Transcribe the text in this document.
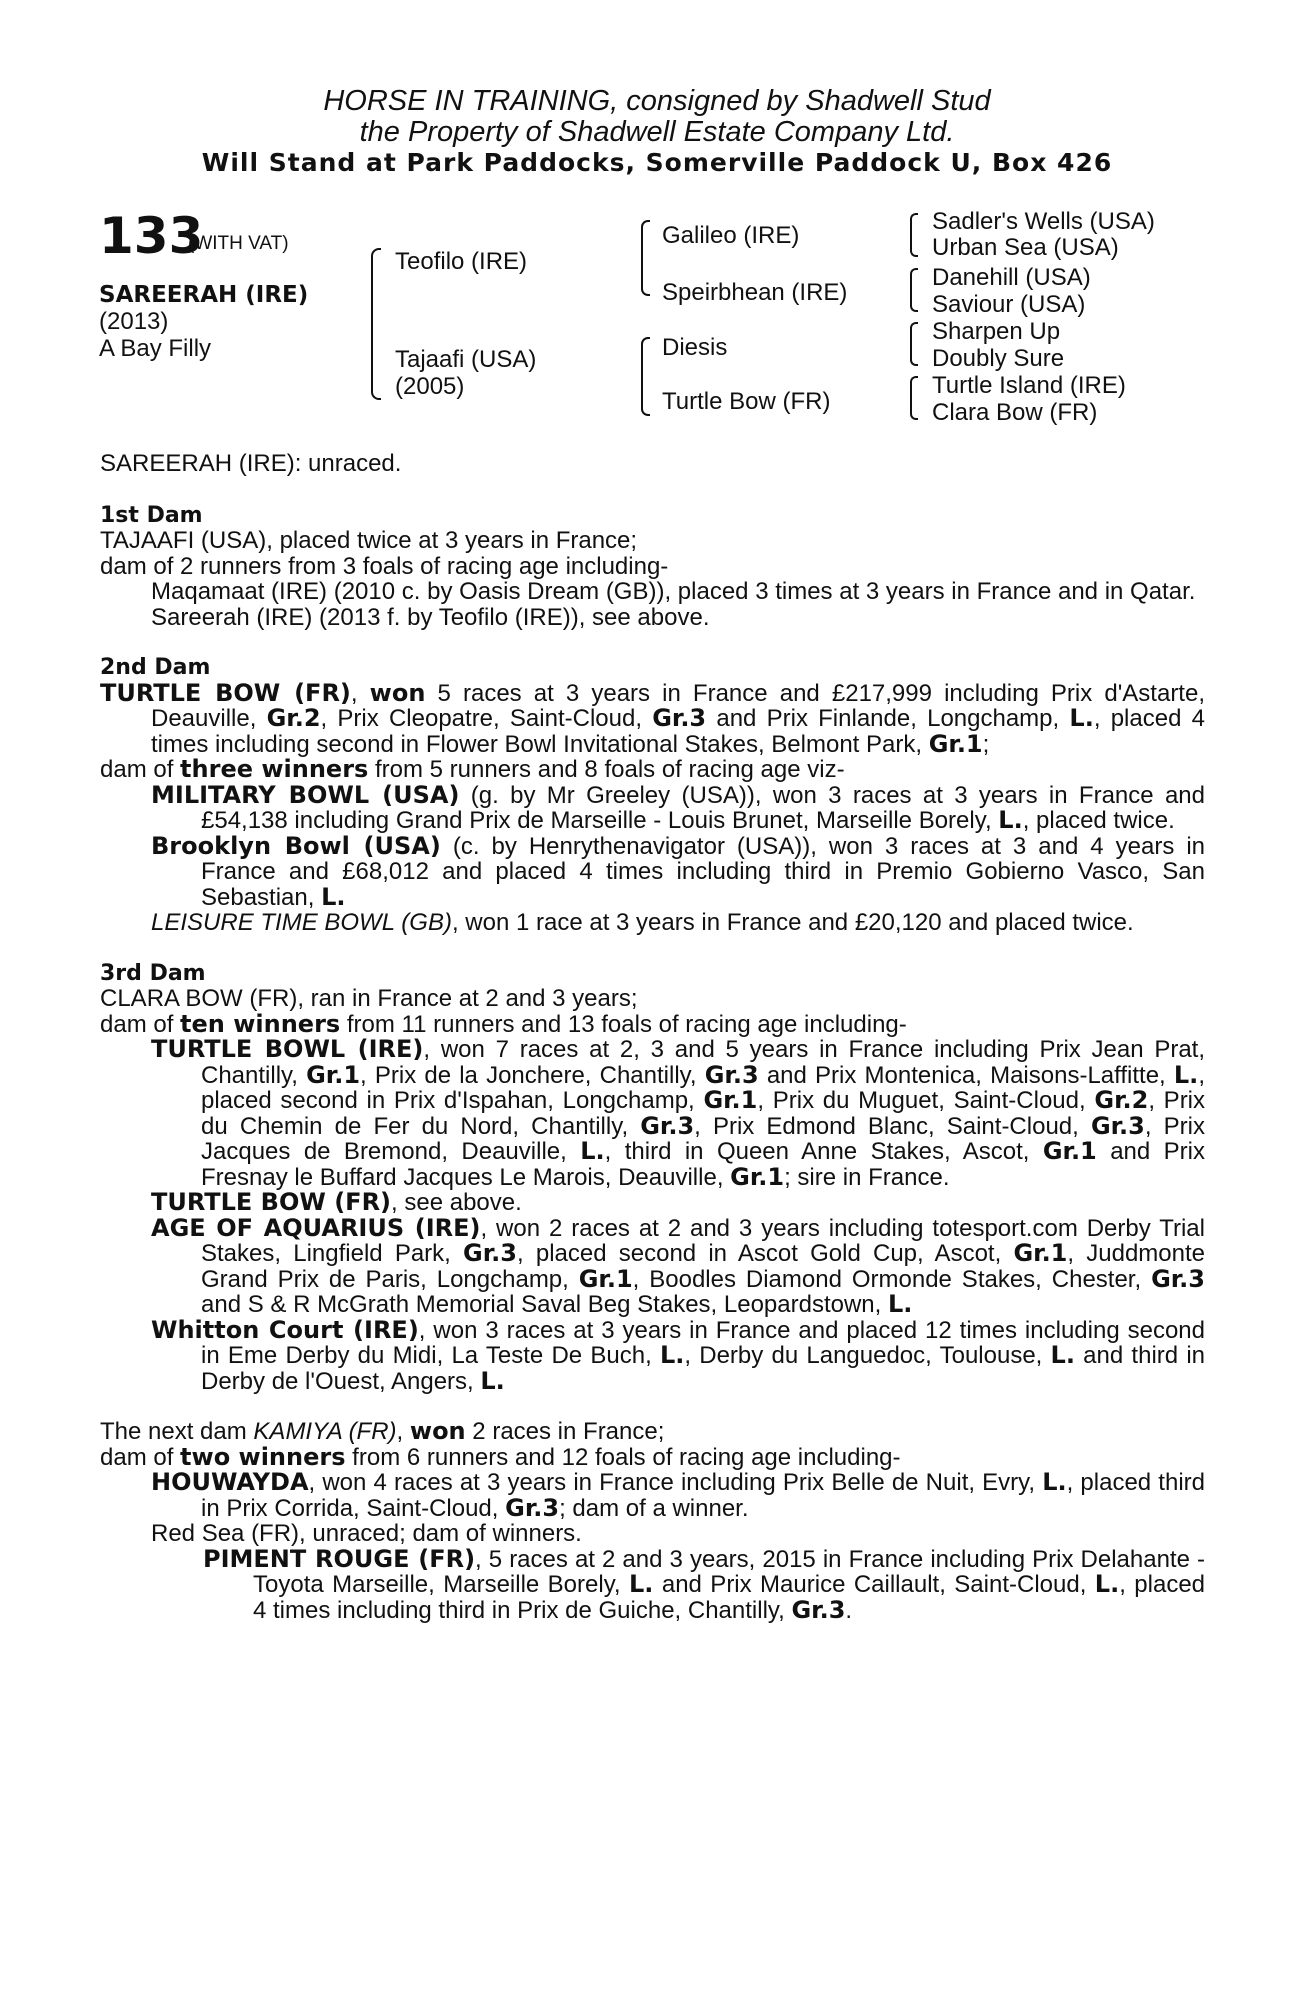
HORSE IN TRAINING, consigned by Shadwell Stud
the Property of Shadwell Estate Company Ltd.
Will Stand at Park Paddocks, Somerville Paddock U, Box 426
133
(WITH VAT)
SAREERAH (IRE)
(2013)
A Bay Filly
Teofilo (IRE)
Tajaafi (USA)
(2005)
Galileo (IRE)
Speirbhean (IRE)
Diesis
Turtle Bow (FR)
Sadler's Wells (USA)
Urban Sea (USA)
Danehill (USA)
Saviour (USA)
Sharpen Up
Doubly Sure
Turtle Island (IRE)
Clara Bow (FR)

SAREERAH (IRE): unraced.

1st Dam

TAJAAFI (USA), placed twice at 3 years in France;

dam of 2 runners from 3 foals of racing age including-

Maqamaat (IRE) (2010 c. by Oasis Dream (GB)), placed 3 times at 3 years in France and in Qatar.

Sareerah (IRE) (2013 f. by Teofilo (IRE)), see above.

2nd Dam

TURTLE BOW (FR), won 5 races at 3 years in France and £217,999 including Prix d'Astarte, Deauville, Gr.2, Prix Cleopatre, Saint-Cloud, Gr.3 and Prix Finlande, Longchamp, L., placed 4 times including second in Flower Bowl Invitational Stakes, Belmont Park, Gr.1;

dam of three winners from 5 runners and 8 foals of racing age viz-

MILITARY BOWL (USA) (g. by Mr Greeley (USA)), won 3 races at 3 years in France and £54,138 including Grand Prix de Marseille - Louis Brunet, Marseille Borely, L., placed twice.

Brooklyn Bowl (USA) (c. by Henrythenavigator (USA)), won 3 races at 3 and 4 years in France and £68,012 and placed 4 times including third in Premio Gobierno Vasco, San Sebastian, L.

LEISURE TIME BOWL (GB), won 1 race at 3 years in France and £20,120 and placed twice.

3rd Dam

CLARA BOW (FR), ran in France at 2 and 3 years;

dam of ten winners from 11 runners and 13 foals of racing age including-

TURTLE BOWL (IRE), won 7 races at 2, 3 and 5 years in France including Prix Jean Prat, Chantilly, Gr.1, Prix de la Jonchere, Chantilly, Gr.3 and Prix Montenica, Maisons-Laffitte, L., placed second in Prix d'Ispahan, Longchamp, Gr.1, Prix du Muguet, Saint-Cloud, Gr.2, Prix du Chemin de Fer du Nord, Chantilly, Gr.3, Prix Edmond Blanc, Saint-Cloud, Gr.3, Prix Jacques de Bremond, Deauville, L., third in Queen Anne Stakes, Ascot, Gr.1 and Prix Fresnay le Buffard Jacques Le Marois, Deauville, Gr.1; sire in France.

TURTLE BOW (FR), see above.

AGE OF AQUARIUS (IRE), won 2 races at 2 and 3 years including totesport.com Derby Trial Stakes, Lingfield Park, Gr.3, placed second in Ascot Gold Cup, Ascot, Gr.1, Juddmonte Grand Prix de Paris, Longchamp, Gr.1, Boodles Diamond Ormonde Stakes, Chester, Gr.3 and S & R McGrath Memorial Saval Beg Stakes, Leopardstown, L.

Whitton Court (IRE), won 3 races at 3 years in France and placed 12 times including second in Eme Derby du Midi, La Teste De Buch, L., Derby du Languedoc, Toulouse, L. and third in Derby de l'Ouest, Angers, L.

The next dam KAMIYA (FR), won 2 races in France;

dam of two winners from 6 runners and 12 foals of racing age including-

HOUWAYDA, won 4 races at 3 years in France including Prix Belle de Nuit, Evry, L., placed third in Prix Corrida, Saint-Cloud, Gr.3; dam of a winner.

Red Sea (FR), unraced; dam of winners.

PIMENT ROUGE (FR), 5 races at 2 and 3 years, 2015 in France including Prix Delahante - Toyota Marseille, Marseille Borely, L. and Prix Maurice Caillault, Saint-Cloud, L., placed 4 times including third in Prix de Guiche, Chantilly, Gr.3.
